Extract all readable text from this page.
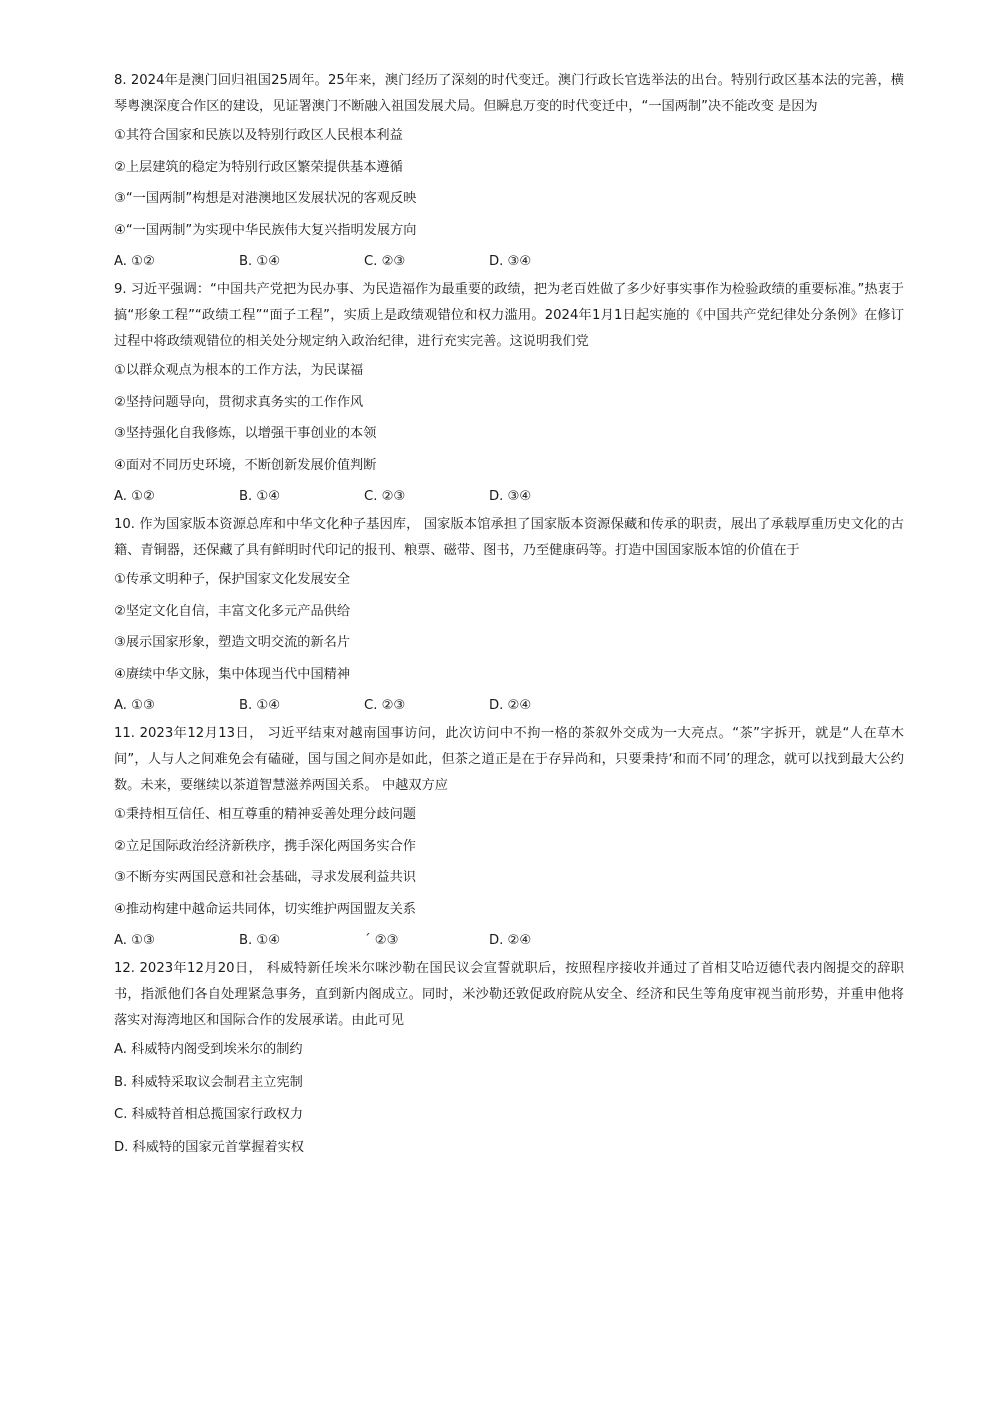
8. 2024年是澳门回归祖国25周年。25年来，澳门经历了深刻的时代变迁。澳门行政长官选举法的出台。特别行政区基本法的完善，横琴粤澳深度合作区的建设，见证署澳门不断融入祖国发展犬局。但瞬息万变的时代变迁中，“一国两制”决不能改变 是因为

①其符合国家和民族以及特别行政区人民根本利益

②上层建筑的稳定为特别行政区繁荣提供基本遵循

③“一国两制”构想是对港澳地区发展状况的客观反映

④“一国两制”为实现中华民族伟大复兴指明发展方向

A. ①②	B. ①④	C. ②③	D. ③④

9. 习近平强调：“中国共产党把为民办事、为民造福作为最重要的政绩，把为老百姓做了多少好事实事作为检验政绩的重要标准。”热衷于搞“形象工程”“政绩工程”“面子工程”，实质上是政绩观错位和权力滥用。2024年1月1日起实施的《中国共产党纪律处分条例》在修订过程中将政绩观错位的相关处分规定纳入政治纪律，进行充实完善。这说明我们党

①以群众观点为根本的工作方法，为民谋福

②坚持问题导向，贯彻求真务实的工作作风

③坚持强化自我修炼，以增强干事创业的本领

④面对不同历史环境，不断创新发展价值判断

A. ①②	B. ①④	C. ②③	D. ③④

10. 作为国家版本资源总库和中华文化种子基因库， 国家版本馆承担了国家版本资源保藏和传承的职责，展出了承载厚重历史文化的古籍、青铜器，还保藏了具有鲜明时代印记的报刊、粮票、磁带、图书，乃至健康码等。打造中国国家版本馆的价值在于

①传承文明种子，保护国家文化发展安全

②坚定文化自信，丰富文化多元产品供给

③展示国家形象，塑造文明交流的新名片

④赓续中华文脉，集中体现当代中国精神

A. ①③	B. ①④	C. ②③	D. ②④

11. 2023年12月13日， 习近平结束对越南国事访问，此次访问中不拘一格的茶叙外交成为一大亮点。“茶”字拆开，就是“人在草木间”，人与人之间难免会有磕碰，国与国之间亦是如此，但茶之道正是在于存异尚和，只要秉持‘和而不同’的理念，就可以找到最大公约数。未来，要继续以茶道智慧滋养两国关系。 中越双方应

①秉持相互信任、相互尊重的精神妥善处理分歧问题

②立足国际政治经济新秩序，携手深化两国务实合作

③不断夯实两国民意和社会基础，寻求发展利益共识

④推动构建中越命运共同体，切实维护两国盟友关系

A. ①③	B. ①④	´ ②③	D. ②④

12. 2023年12月20日， 科威特新任埃米尔咪沙勒在国民议会宣誓就职后，按照程序接收并通过了首相艾哈迈德代表内阁提交的辞职书，指派他们各自处理紧急事务，直到新内阁成立。同时，米沙勒还敦促政府院从安全、经济和民生等角度审视当前形势，并重申他将落实对海湾地区和国际合作的发展承诺。由此可见

A. 科威特内阁受到埃米尔的制约

B. 科威特采取议会制君主立宪制

C. 科威特首相总揽国家行政权力

D. 科威特的国家元首掌握着实权
